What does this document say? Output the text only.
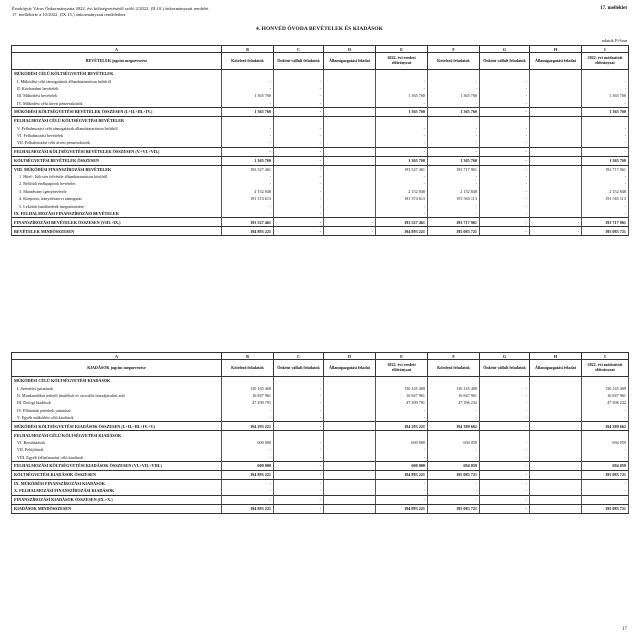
Érsekújvár Város Önkormányzata 2022. évi költségvetéséről szóló 2/2022. (II.10.) önkormányzati rendelet
17. melléklete a 10/2022. (IX.15.) önkormányzati rendelethez
17. melléklet
4. HONVÉD ÓVODA BEVÉTELEK ÉS KIADÁSOK
adatok Ft-ban
A	B	C	D	E	F	G	H	I
BEVÉTELEK jogcím megnevezése	Kötelező feladatok	Önként vállalt feladatok	Államigazgatási feladat	2022. évi eredeti előirányzat	Kötelező feladatok	Önként vállalt feladatok	Államigazgatási feladat	2022. évi módosított előirányzat
MŰKÖDÉSI CÉLÚ KÖLTSÉGVETÉSI BEVÉTELEK								
I. Működési célú támogatások államháztartáson belülről	-	-		-	-	-		-
II. Közhatalmi bevételek	-	-		-	-	-		-
III. Működési bevételek	1 365 760	-		1 365 760	1 365 760	-		1 365 760
IV. Működési célú átvett pénzeszközök	-	-		-	-	-		-
MŰKÖDÉSI KÖLTSÉGVETÉSI BEVÉTELEK ÖSSZESEN (I.+II.+III.+IV.)	1 365 760	-		1 365 760	1 365 760	-		1 365 760
FELHALMOZÁSI CÉLÚ KÖLTSÉGVETÉSI BEVÉTELEK								
V. Felhalmozási célú támogatások államháztartáson belülről	-	-		-	-	-		-
VI. Felhalmozási bevételek	-	-		-	-	-		-
VII. Felhalmozási célú átvett pénzeszközök	-	-		-	-	-		-
FELHALMOZÁSI KÖLTSÉGVETÉSI BEVÉTELEK ÖSSZESEN (V.+VI.+VII.)	-	-		-	-	-		-
KÖLTSÉGVETÉSI BEVÉTELEK ÖSSZESEN	1 365 760	-		1 365 760	1 365 760	-		1 365 760
VIII. MŰKÖDÉSI FINANSZÍROZÁSI BEVÉTELEK	193 527 461	-		193 527 461	193 717 961	-		193 717 961
1. Hitel-, kölcsön felvétele államháztartáson kívülről	-	-		-	-	-		-
2. Belföldi értékpapírok bevételei	-	-		-	-	-		-
3. Maradvány igénybevétele	2 152 848	-		2 152 848	2 152 848	-		2 152 848
4. Központi, irányítószervi támogatás	191 374 613	-		191 374 613	191 565 113	-		191 565 113
5. Lekötött bankbetétek megszüntetése	-	-		-	-	-		-
IX. FELHALMOZÁSI FINANSZÍROZÁSI BEVÉTELEK	-	-		-	-	-		-
FINANSZÍROZÁSI BEVÉTELEK ÖSSZESEN (VIII.+IX.)	193 527 461	-	-	193 527 461	193 717 961	-	-	193 717 961
BEVÉTELEK MINDÖSSZESEN	194 893 221	-	-	194 893 221	195 083 721	-	-	195 083 721
A	B	C	D	E	F	G	H	I
KIADÁSOK jogcím megnevezése	Kötelező feladatok	Önként vállalt feladatok	Államigazgatási feladat	2022. évi eredeti előirányzat	Kötelező feladatok	Önként vállalt feladatok	Államigazgatási feladat	2022. évi módosított előirányzat
MŰKÖDÉSI CÉLÚ KÖLTSÉGVETÉSI KIADÁSOK								
I. Személyi juttatások	130 145 469	-		130 145 469	130 145 469	-		130 145 469
II. Munkaadókat terhelő járulékok és szociális hozzájárulási adó	16 847 961	-		16 847 961	16 847 961	-		16 847 961
III. Dologi kiadások	47 299 791	-		47 299 791	47 396 232	-		47 396 232
IV. Ellátottak pénzbeli juttatásai	-	-		-	-	-		-
V. Egyéb működési célú kiadások	-	-		-	-	-		-
MŰKÖDÉSI KÖLTSÉGVETÉSI KIADÁSOK ÖSSZESEN (I.+II.+III.+IV.+V.)	194 293 221	-		194 293 221	194 389 662	-		194 389 662
FELHALMOZÁSI CÉLÚ KÖLTSÉGVETÉSI KIADÁSOK								
VI. Beruházások	600 000	-		600 000	694 059	-		694 059
VII. Felújítások	-	-		-	-	-		-
VIII. Egyéb felhalmozási célú kiadások	-	-		-	-	-		-
FELHALMOZÁSI KÖLTSÉGVETÉSI KIADÁSOK ÖSSZESEN (VI.+VII.+VIII.)	600 000	-		600 000	694 059	-		694 059
KÖLTSÉGVETÉSI KIADÁSOK ÖSSZESEN	194 893 221	-		194 893 221	195 083 721	-		195 083 721
IX. MŰKÖDÉSI FINANSZÍROZÁSI KIADÁSOK	-	-		-	-	-		-
X. FELHALMOZÁSI FINANSZÍROZÁSI KIADÁSOK	-	-		-	-	-		-
FINANSZÍROZÁSI KIADÁSOK ÖSSZESEN (IX.+X.)	-	-		-	-	-		-
KIADÁSOK MINDÖSSZESEN	194 893 221	-		194 893 221	195 083 721	-		195 083 721
17
